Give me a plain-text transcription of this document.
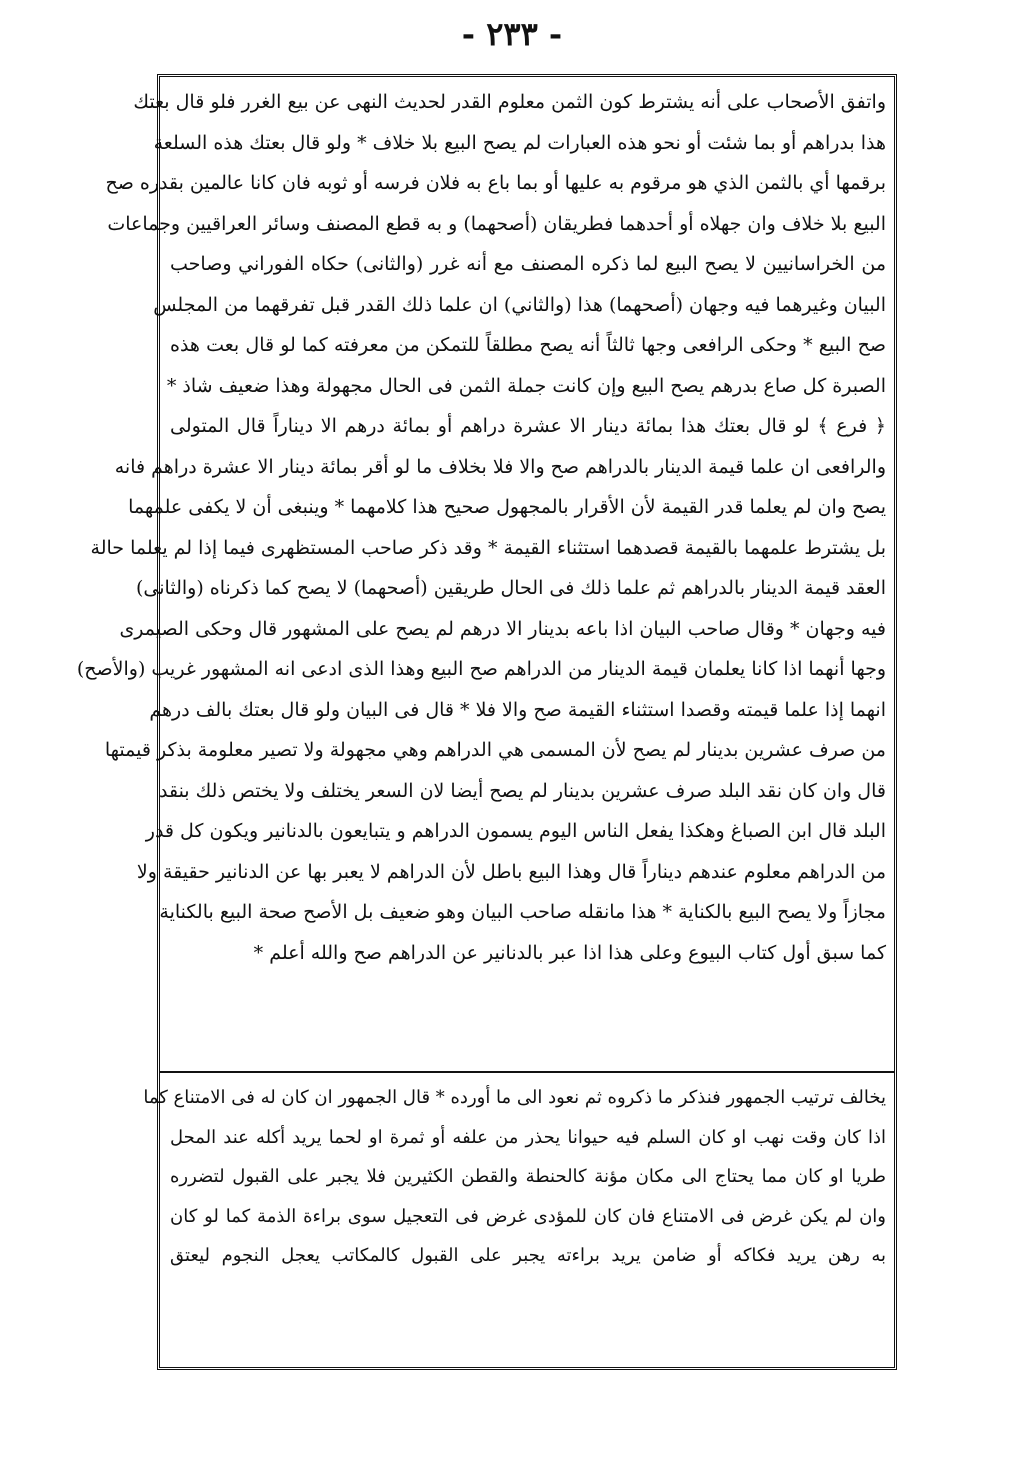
- ٢٣٣ -
واتفق الأصحاب على أنه يشترط كون الثمن معلوم القدر لحديث النهى عن بيع الغرر فلو قال بعتك
هذا بدراهم أو بما شئت أو نحو هذه العبارات لم يصح البيع بلا خلاف * ولو قال بعتك هذه السلعة
برقمها أي بالثمن الذي هو مرقوم به عليها أو بما باع به فلان فرسه أو ثوبه فان كانا عالمين بقدره صح
البيع بلا خلاف وان جهلاه أو أحدهما فطريقان (أصحهما) و به قطع المصنف وسائر العراقيين وجماعات
من الخراسانيين لا يصح البيع لما ذكره المصنف مع أنه غرر (والثانى) حكاه الفوراني وصاحب
البيان وغيرهما فيه وجهان (أصحهما) هذا (والثاني) ان علما ذلك القدر قبل تفرقهما من المجلس
صح البيع * وحكى الرافعى وجها ثالثاً أنه يصح مطلقاً للتمكن من معرفته كما لو قال بعت هذه
الصبرة كل صاع بدرهم يصح البيع وإن كانت جملة الثمن فى الحال مجهولة وهذا ضعيف شاذ *
﴿ فرع ﴾ لو قال بعتك هذا بمائة دينار الا عشرة دراهم أو بمائة درهم الا ديناراً قال المتولى
والرافعى ان علما قيمة الدينار بالدراهم صح والا فلا بخلاف ما لو أقر بمائة دينار الا عشرة دراهم فانه
يصح وان لم يعلما قدر القيمة لأن الأقرار بالمجهول صحيح هذا كلامهما * وينبغى أن لا يكفى علمهما
بل يشترط علمهما بالقيمة قصدهما استثناء القيمة * وقد ذكر صاحب المستظهرى فيما إذا لم يعلما حالة
العقد قيمة الدينار بالدراهم ثم علما ذلك فى الحال طريقين (أصحهما) لا يصح كما ذكرناه (والثانى)
فيه وجهان * وقال صاحب البيان اذا باعه بدينار الا درهم لم يصح على المشهور قال وحكى الصيمرى
وجها أنهما اذا كانا يعلمان قيمة الدينار من الدراهم صح البيع وهذا الذى ادعى انه المشهور غريب (والأصح)
انهما إذا علما قيمته وقصدا استثناء القيمة صح والا فلا * قال فى البيان ولو قال بعتك بالف درهم
من صرف عشرين بدينار لم يصح لأن المسمى هي الدراهم وهي مجهولة ولا تصير معلومة بذكر قيمتها
قال وان كان نقد البلد صرف عشرين بدينار لم يصح أيضا لان السعر يختلف ولا يختص ذلك بنقد
البلد قال ابن الصباغ وهكذا يفعل الناس اليوم يسمون الدراهم و يتبايعون بالدنانير ويكون كل قدر
من الدراهم معلوم عندهم ديناراً قال وهذا البيع باطل لأن الدراهم لا يعبر بها عن الدنانير حقيقة ولا
مجازاً ولا يصح البيع بالكناية * هذا مانقله صاحب البيان وهو ضعيف بل الأصح صحة البيع بالكناية
كما سبق أول كتاب البيوع وعلى هذا اذا عبر بالدنانير عن الدراهم صح والله أعلم *
يخالف ترتيب الجمهور فنذكر ما ذكروه ثم نعود الى ما أورده * قال الجمهور ان كان له فى الامتناع كما
اذا كان وقت نهب او كان السلم فيه حيوانا يحذر من علفه أو ثمرة او لحما يريد أكله عند المحل
طريا او كان مما يحتاج الى مكان مؤنة كالحنطة والقطن الكثيرين فلا يجبر على القبول لتضرره
وان لم يكن غرض فى الامتناع فان كان للمؤدى غرض فى التعجيل سوى براءة الذمة كما لو كان
به رهن يريد فكاكه أو ضامن يريد براءته يجبر على القبول كالمكاتب يعجل النجوم ليعتق
